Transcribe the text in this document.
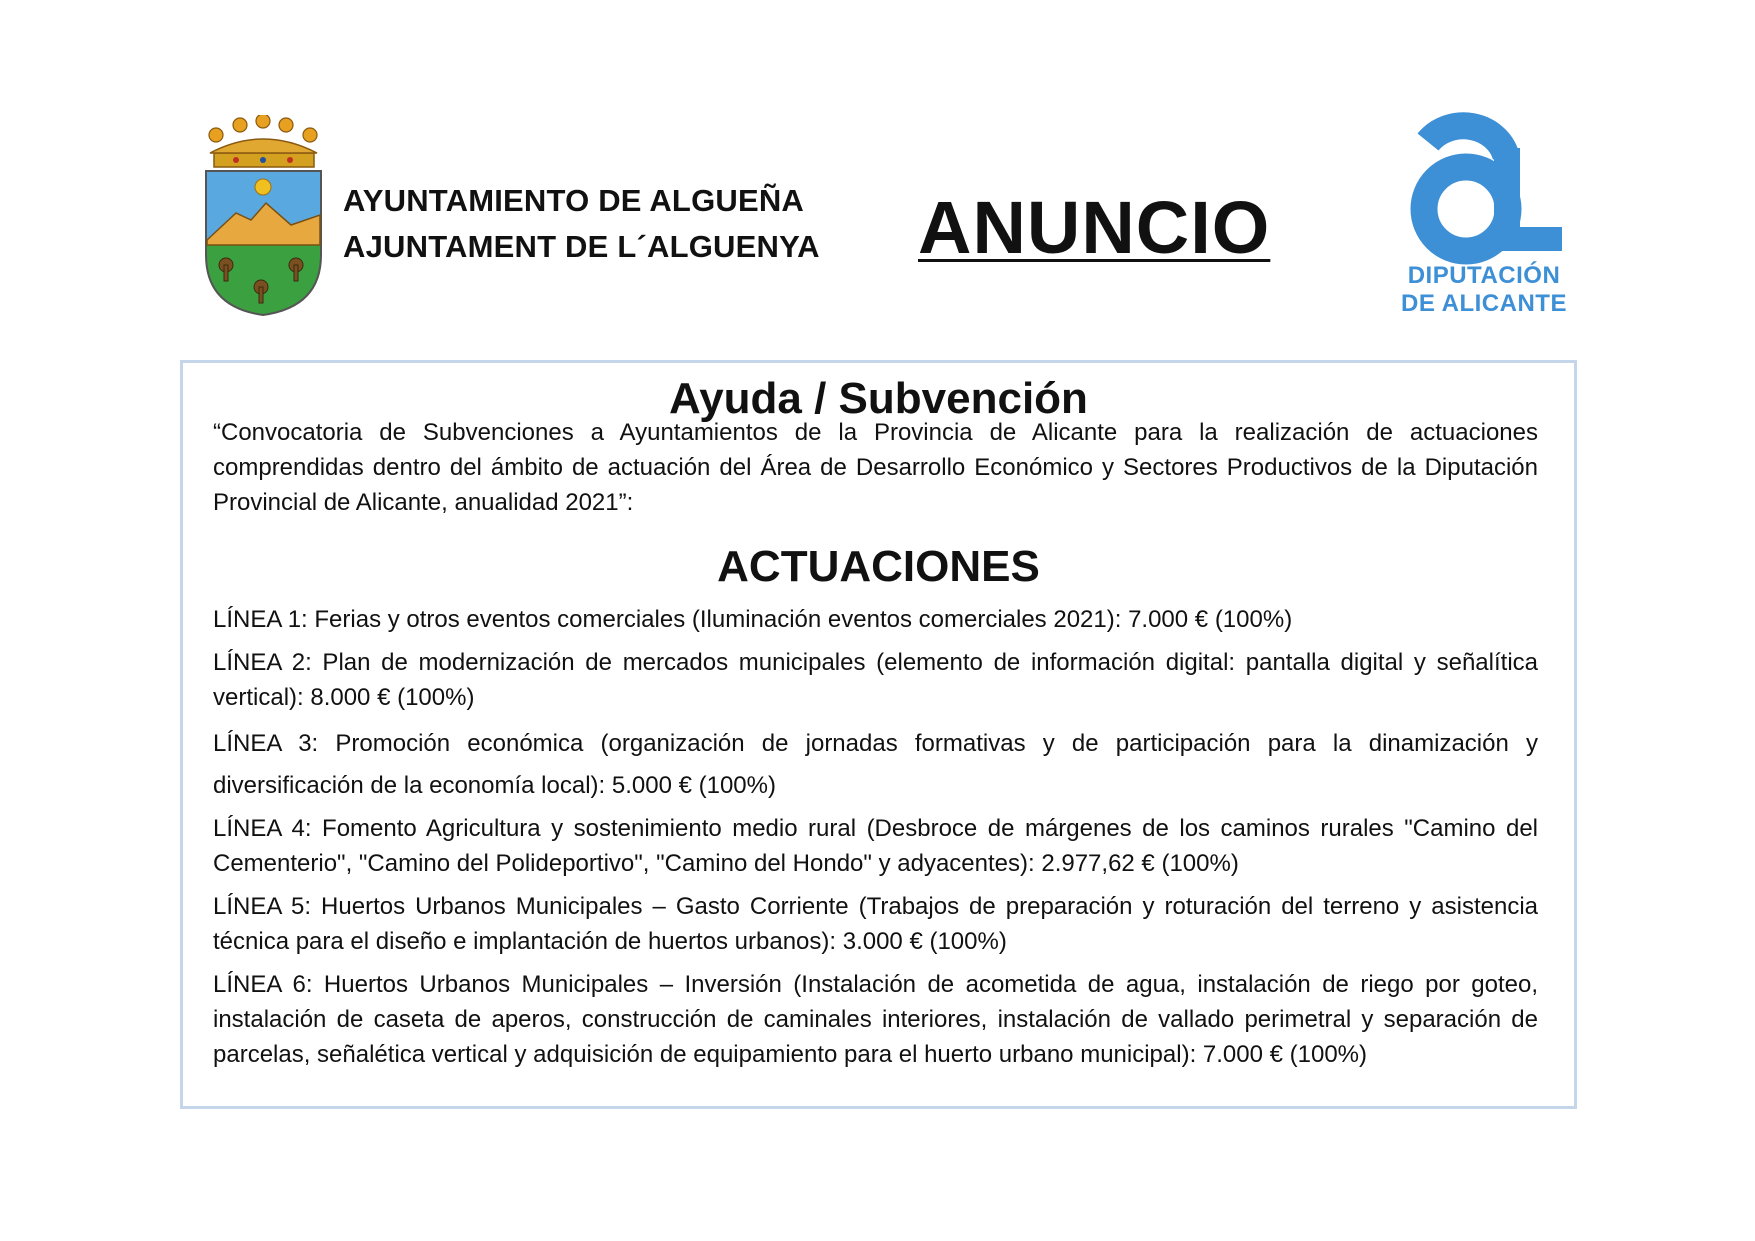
AYUNTAMIENTO DE ALGUEÑA
AJUNTAMENT DE L´ALGUENYA ANUNCIO
DIPUTACIÓN
DE ALICANTE
Ayuda / Subvención
“Convocatoria de Subvenciones a Ayuntamientos de la Provincia de Alicante para la realización de actuaciones comprendidas dentro del ámbito de actuación del Área de Desarrollo Económico y Sectores Productivos de la Diputación Provincial de Alicante, anualidad 2021”:
ACTUACIONES
LÍNEA 1: Ferias y otros eventos comerciales (Iluminación eventos comerciales 2021): 7.000 € (100%)
LÍNEA 2: Plan de modernización de mercados municipales (elemento de información digital: pantalla digital y señalítica vertical): 8.000 € (100%)
LÍNEA 3: Promoción económica (organización de jornadas formativas y de participación para la dinamización y diversificación de la economía local): 5.000 € (100%)
LÍNEA 4: Fomento Agricultura y sostenimiento medio rural (Desbroce de márgenes de los caminos rurales "Camino del Cementerio", "Camino del Polideportivo", "Camino del Hondo" y adyacentes): 2.977,62 € (100%)
LÍNEA 5: Huertos Urbanos Municipales – Gasto Corriente (Trabajos de preparación y roturación del terreno y asistencia técnica para el diseño e implantación de huertos urbanos): 3.000 € (100%)
LÍNEA 6: Huertos Urbanos Municipales – Inversión (Instalación de acometida de agua, instalación de riego por goteo, instalación de caseta de aperos, construcción de caminales interiores, instalación de vallado perimetral y separación de parcelas, señalética vertical y adquisición de equipamiento para el huerto urbano municipal): 7.000 € (100%)
